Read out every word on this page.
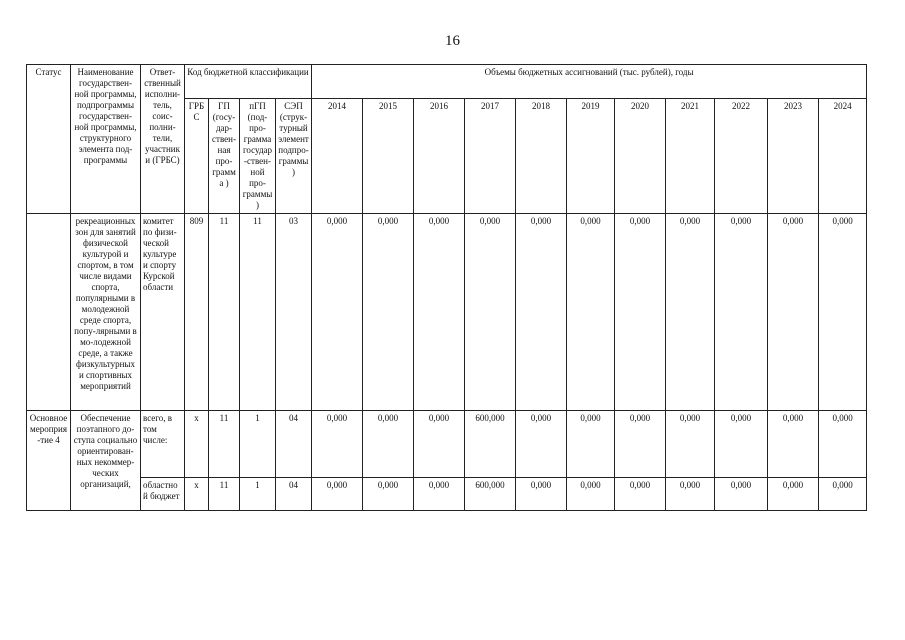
16
Статус	Наименование государствен-ной программы, подпрограммы государствен-ной программы, структурного элемента под-программы	Ответ-ственный исполни-тель, соис-полни-тели, участники (ГРБС)	Код бюджетной классификации				Объемы бюджетных ассигнований (тыс. рублей), годы										
			ГРБ С	ГП (госу-дар-ствен-ная про-грамма )	пГП (под-про-грамма государ-ствен-ной про-граммы)	СЭП (струк-турный элемент подпро-граммы)	2014	2015	2016	2017	2018	2019	2020	2021	2022	2023	2024
	рекреационных зон для занятий физической культурой и спортом, в том числе видами спорта, популярными в молодежной среде спорта, попу-лярными в мо-лодежной среде, а также физкультурных и спортивных мероприятий	комитет по физи-ческой культуре и спорту Курской области	809	11	11	03	0,000	0,000	0,000	0,000	0,000	0,000	0,000	0,000	0,000	0,000	0,000
Основное мероприя-тие 4	Обеспечение поэтапного до-ступа социально ориентирован-ных некоммер-ческих организаций,	всего, в том числе:	x	11	1	04	0,000	0,000	0,000	600,000	0,000	0,000	0,000	0,000	0,000	0,000	0,000
		областной бюджет	x	11	1	04	0,000	0,000	0,000	600,000	0,000	0,000	0,000	0,000	0,000	0,000	0,000
